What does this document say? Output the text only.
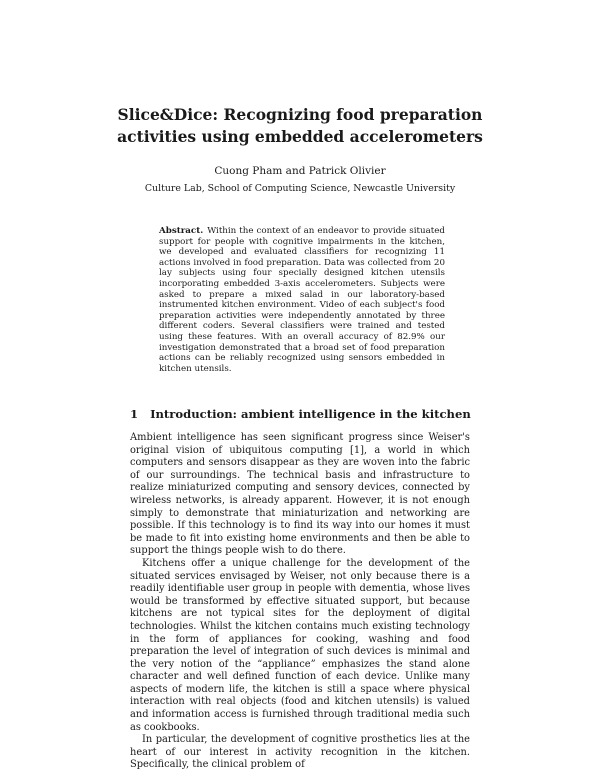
Slice&Dice: Recognizing food preparation
activities using embedded accelerometers
Cuong Pham and Patrick Olivier
Culture Lab, School of Computing Science, Newcastle University
Abstract. Within the context of an endeavor to provide situated support for people with cognitive impairments in the kitchen, we developed and evaluated classifiers for recognizing 11 actions involved in food preparation. Data was collected from 20 lay subjects using four specially designed kitchen utensils incorporating embedded 3-axis accelerometers. Subjects were asked to prepare a mixed salad in our laboratory-based instrumented kitchen environment. Video of each subject's food preparation activities were independently annotated by three different coders. Several classifiers were trained and tested using these features. With an overall accuracy of 82.9% our investigation demonstrated that a broad set of food preparation actions can be reliably recognized using sensors embedded in kitchen utensils.
1 Introduction: ambient intelligence in the kitchen

Ambient intelligence has seen significant progress since Weiser's original vision of ubiquitous computing [1], a world in which computers and sensors disappear as they are woven into the fabric of our surroundings. The technical basis and infrastructure to realize miniaturized computing and sensory devices, connected by wireless networks, is already apparent. However, it is not enough simply to demonstrate that miniaturization and networking are possible. If this technology is to find its way into our homes it must be made to fit into existing home environments and then be able to support the things people wish to do there.

Kitchens offer a unique challenge for the development of the situated services envisaged by Weiser, not only because there is a readily identifiable user group in people with dementia, whose lives would be transformed by effective situated support, but because kitchens are not typical sites for the deployment of digital technologies. Whilst the kitchen contains much existing technology in the form of appliances for cooking, washing and food preparation the level of integration of such devices is minimal and the very notion of the “appliance” emphasizes the stand alone character and well defined function of each device. Unlike many aspects of modern life, the kitchen is still a space where physical interaction with real objects (food and kitchen utensils) is valued and information access is furnished through traditional media such as cookbooks.

In particular, the development of cognitive prosthetics lies at the heart of our interest in activity recognition in the kitchen. Specifically, the clinical problem of
